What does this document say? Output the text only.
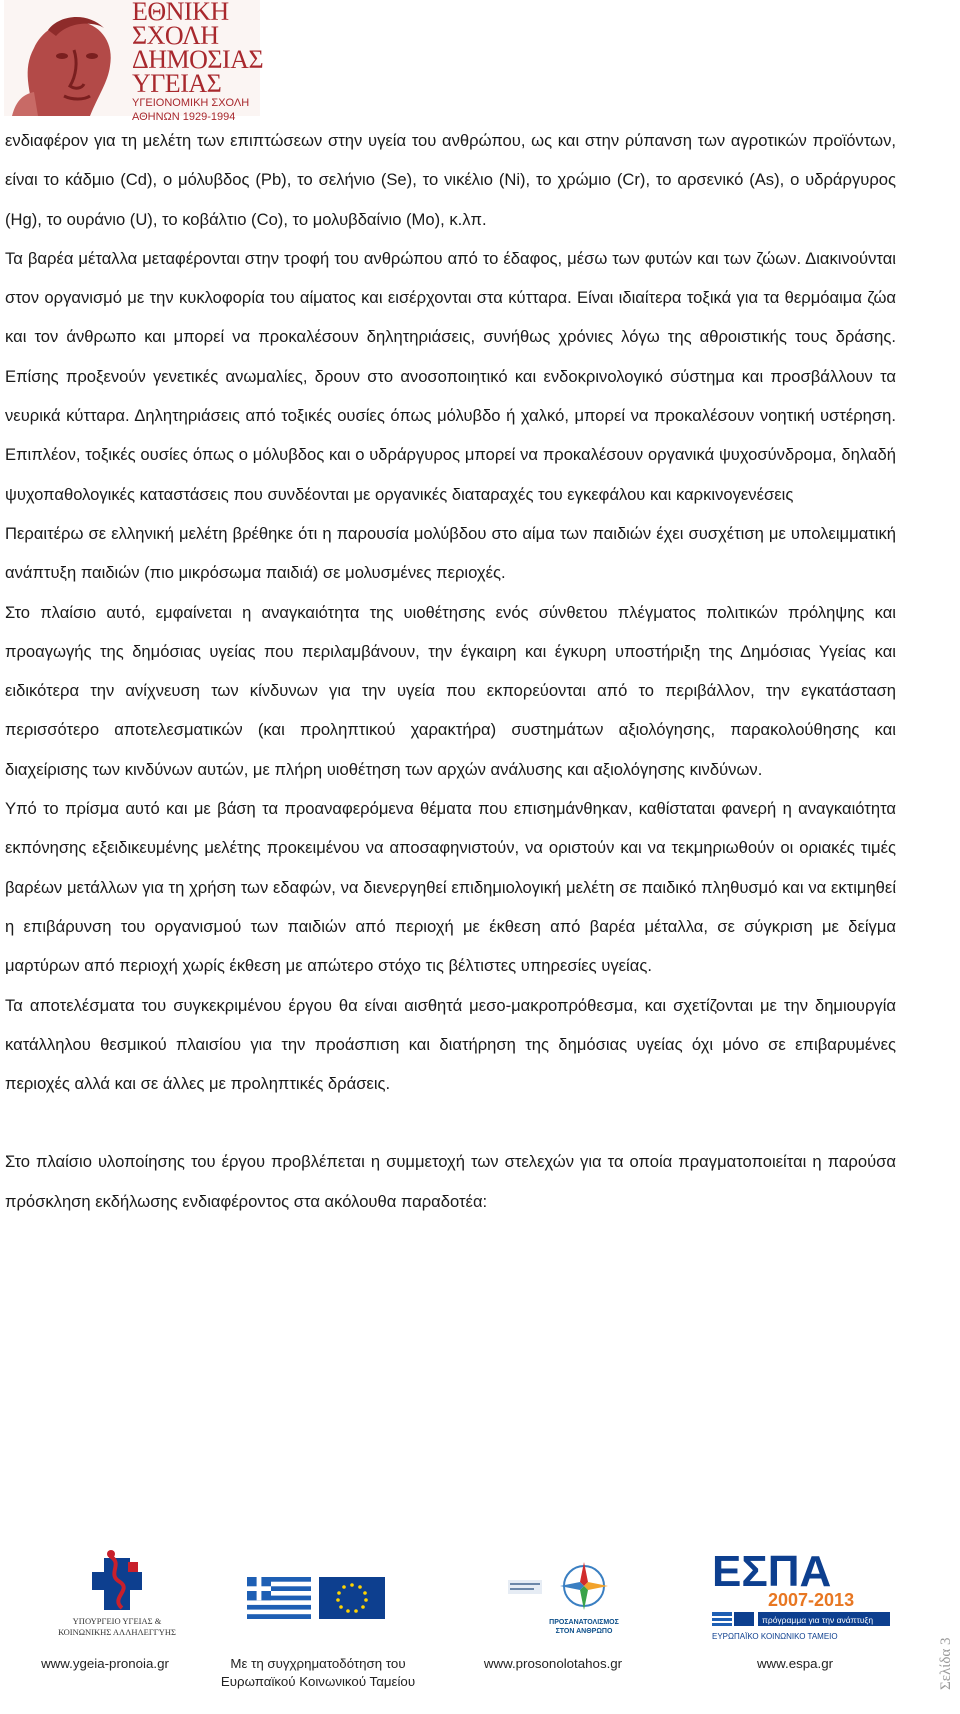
ΕΘΝΙΚΗ
ΣΧΟΛΗ
ΔΗΜΟΣΙΑΣ
ΥΓΕΙΑΣ
ΥΓΕΙΟΝΟΜΙΚΗ ΣΧΟΛΗ
ΑΘΗΝΩΝ 1929-1994

ενδιαφέρον για τη μελέτη των επιπτώσεων στην υγεία του ανθρώπου, ως και στην ρύπανση των αγροτικών προϊόντων, είναι το κάδμιο (Cd), ο μόλυβδος (Pb), το σελήνιο (Se), το νικέλιο (Ni), το χρώμιο (Cr), το αρσενικό (As), ο υδράργυρος (Hg), το ουράνιο (U), το κοβάλτιο (Co), το μολυβδαίνιο (Mo), κ.λπ.

Τα βαρέα μέταλλα μεταφέρονται στην τροφή του ανθρώπου από το έδαφος, μέσω των φυτών και των ζώων. Διακινούνται στον οργανισμό με την κυκλοφορία του αίματος και εισέρχονται στα κύτταρα. Είναι ιδιαίτερα τοξικά για τα θερμόαιμα ζώα και τον άνθρωπο και μπορεί να προκαλέσουν δηλητηριάσεις, συνήθως χρόνιες λόγω της αθροιστικής τους δράσης. Επίσης προξενούν γενετικές ανωμαλίες, δρουν στο ανοσοποιητικό και ενδοκρινολογικό σύστημα και προσβάλλουν τα νευρικά κύτταρα. Δηλητηριάσεις από τοξικές ουσίες όπως μόλυβδο ή χαλκό, μπορεί να προκαλέσουν νοητική υστέρηση. Επιπλέον, τοξικές ουσίες όπως ο μόλυβδος και ο υδράργυρος μπορεί να προκαλέσουν οργανικά ψυχοσύνδρομα, δηλαδή ψυχοπαθολογικές καταστάσεις που συνδέονται με οργανικές διαταραχές του εγκεφάλου και καρκινογενέσεις

Περαιτέρω σε ελληνική μελέτη βρέθηκε ότι η παρουσία μολύβδου στο αίμα των παιδιών έχει συσχέτιση με υπολειμματική ανάπτυξη παιδιών (πιο μικρόσωμα παιδιά) σε μολυσμένες περιοχές.

Στο πλαίσιο αυτό, εμφαίνεται η αναγκαιότητα της υιοθέτησης ενός σύνθετου πλέγματος πολιτικών πρόληψης και προαγωγής της δημόσιας υγείας που περιλαμβάνουν, την έγκαιρη και έγκυρη υποστήριξη της Δημόσιας Υγείας και ειδικότερα την ανίχνευση των κίνδυνων για την υγεία που εκπορεύονται από το περιβάλλον, την εγκατάσταση περισσότερο αποτελεσματικών (και προληπτικού χαρακτήρα) συστημάτων αξιολόγησης, παρακολούθησης και διαχείρισης των κινδύνων αυτών, με πλήρη υιοθέτηση των αρχών ανάλυσης και αξιολόγησης κινδύνων.

Υπό το πρίσμα αυτό και με βάση τα προαναφερόμενα θέματα που επισημάνθηκαν, καθίσταται φανερή η αναγκαιότητα εκπόνησης εξειδικευμένης μελέτης προκειμένου να αποσαφηνιστούν, να οριστούν και να τεκμηριωθούν οι οριακές τιμές βαρέων μετάλλων για τη χρήση των εδαφών, να διενεργηθεί επιδημιολογική μελέτη σε παιδικό πληθυσμό και να εκτιμηθεί η επιβάρυνση του οργανισμού των παιδιών από περιοχή με έκθεση από βαρέα μέταλλα, σε σύγκριση με δείγμα μαρτύρων από περιοχή χωρίς έκθεση με απώτερο στόχο τις βέλτιστες υπηρεσίες υγείας.

Τα αποτελέσματα του συγκεκριμένου έργου θα είναι αισθητά μεσο-μακροπρόθεσμα, και σχετίζονται με την δημιουργία κατάλληλου θεσμικού πλαισίου για την προάσπιση και διατήρηση της δημόσιας υγείας όχι μόνο σε επιβαρυμένες περιοχές αλλά και σε άλλες με προληπτικές δράσεις.

Στο πλαίσιο υλοποίησης του έργου προβλέπεται η συμμετοχή των στελεχών για τα οποία πραγματοποιείται η παρούσα πρόσκληση εκδήλωσης ενδιαφέροντος στα ακόλουθα παραδοτέα:

ΥΠΟΥΡΓΕΙΟ ΥΓΕΙΑΣ &
ΚΟΙΝΩΝΙΚΗΣ ΑΛΛΗΛΕΓΓΥΗΣ
ΠΡΟΣΑΝΑΤΟΛΙΣΜΟΣ
ΣΤΟΝ ΑΝΘΡΩΠΟ
ΕΣΠΑ
2007-2013
πρόγραμμα για την ανάπτυξη
ΕΥΡΩΠΑΪΚΟ ΚΟΙΝΩΝΙΚΟ ΤΑΜΕΙΟ
www.ygeia-pronoia.gr	Με τη συγχρηματοδότηση του Ευρωπαϊκού Κοινωνικού Ταμείου
www.prosonolotahos.gr	www.espa.gr	Σελίδα 3
